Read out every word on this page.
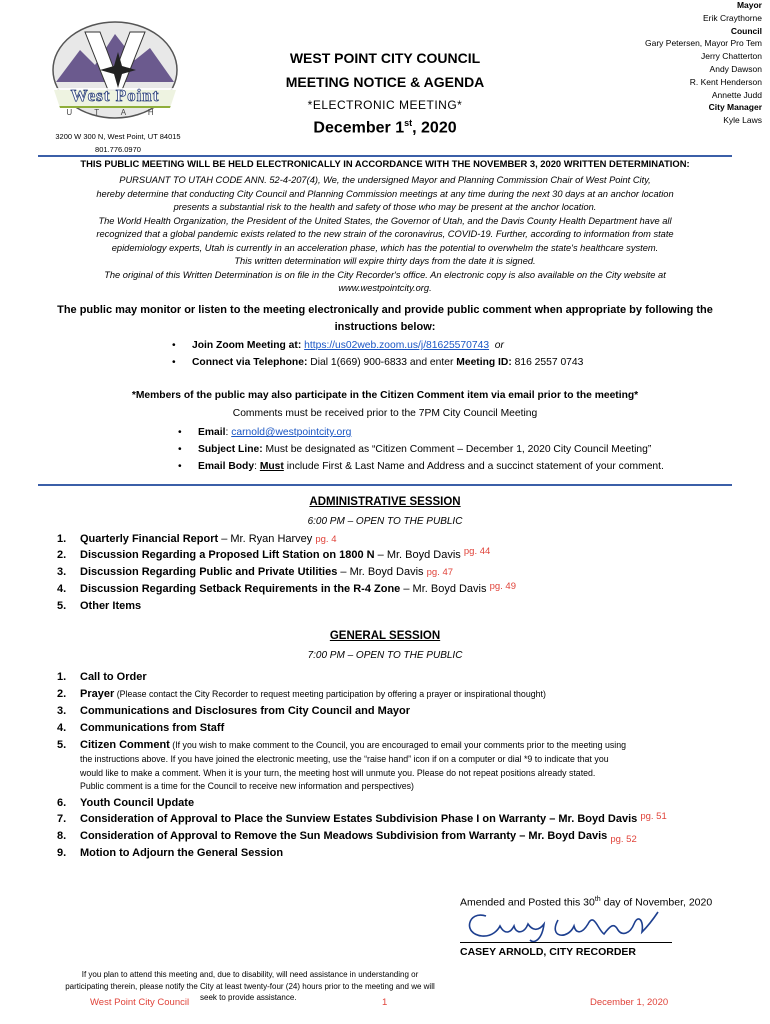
West Point
U T A H
3200 W 300 N, West Point, UT 84015
801.776.0970
WEST POINT CITY COUNCIL
MEETING NOTICE & AGENDA
*ELECTRONIC MEETING*
December 1st, 2020
Mayor
Erik Craythorne
Council
Gary Petersen, Mayor Pro Tem
Jerry Chatterton
Andy Dawson
R. Kent Henderson
Annette Judd
City Manager
Kyle Laws
THIS PUBLIC MEETING WILL BE HELD ELECTRONICALLY IN ACCORDANCE WITH THE NOVEMBER 3, 2020 WRITTEN DETERMINATION:
PURSUANT TO UTAH CODE ANN. 52-4-207(4), We, the undersigned Mayor and Planning Commission Chair of West Point City,
hereby determine that conducting City Council and Planning Commission meetings at any time during the next 30 days at an anchor location
presents a substantial risk to the health and safety of those who may be present at the anchor location.
The World Health Organization, the President of the United States, the Governor of Utah, and the Davis County Health Department have all
recognized that a global pandemic exists related to the new strain of the coronavirus, COVID-19. Further, according to information from state
epidemiology experts, Utah is currently in an acceleration phase, which has the potential to overwhelm the state's healthcare system.
This written determination will expire thirty days from the date it is signed.
The original of this Written Determination is on file in the City Recorder's office. An electronic copy is also available on the City website at
www.westpointcity.org.
The public may monitor or listen to the meeting electronically and provide public comment when appropriate by following the
instructions below:
• Join Zoom Meeting at: https://us02web.zoom.us/j/81625570743 or
• Connect via Telephone: Dial 1(669) 900-6833 and enter Meeting ID: 816 2557 0743
*Members of the public may also participate in the Citizen Comment item via email prior to the meeting*
Comments must be received prior to the 7PM City Council Meeting
• Email: carnold@westpointcity.org
• Subject Line: Must be designated as “Citizen Comment – December 1, 2020 City Council Meeting”
• Email Body: Must include First & Last Name and Address and a succinct statement of your comment.
ADMINISTRATIVE SESSION
6:00 PM – OPEN TO THE PUBLIC
1. Quarterly Financial Report – Mr. Ryan Harvey pg. 4
2. Discussion Regarding a Proposed Lift Station on 1800 N – Mr. Boyd Davis pg. 44
3. Discussion Regarding Public and Private Utilities – Mr. Boyd Davis pg. 47
4. Discussion Regarding Setback Requirements in the R-4 Zone – Mr. Boyd Davis pg. 49
5. Other Items
GENERAL SESSION
7:00 PM – OPEN TO THE PUBLIC
1. Call to Order
2. Prayer (Please contact the City Recorder to request meeting participation by offering a prayer or inspirational thought)
3. Communications and Disclosures from City Council and Mayor
4. Communications from Staff
5. Citizen Comment (If you wish to make comment to the Council, you are encouraged to email your comments prior to the meeting using
the instructions above. If you have joined the electronic meeting, use the “raise hand” icon if on a computer or dial *9 to indicate that you
would like to make a comment. When it is your turn, the meeting host will unmute you. Please do not repeat positions already stated.
Public comment is a time for the Council to receive new information and perspectives)
6. Youth Council Update
7. Consideration of Approval to Place the Sunview Estates Subdivision Phase I on Warranty – Mr. Boyd Davis pg. 51
8. Consideration of Approval to Remove the Sun Meadows Subdivision from Warranty – Mr. Boyd Davis pg. 52
9. Motion to Adjourn the General Session
Amended and Posted this 30th day of November, 2020
CASEY ARNOLD, CITY RECORDER
If you plan to attend this meeting and, due to disability, will need assistance in understanding or
participating therein, please notify the City at least twenty-four (24) hours prior to the meeting and we will
West Point City Council seek to provide assistance.	1	December 1, 2020
